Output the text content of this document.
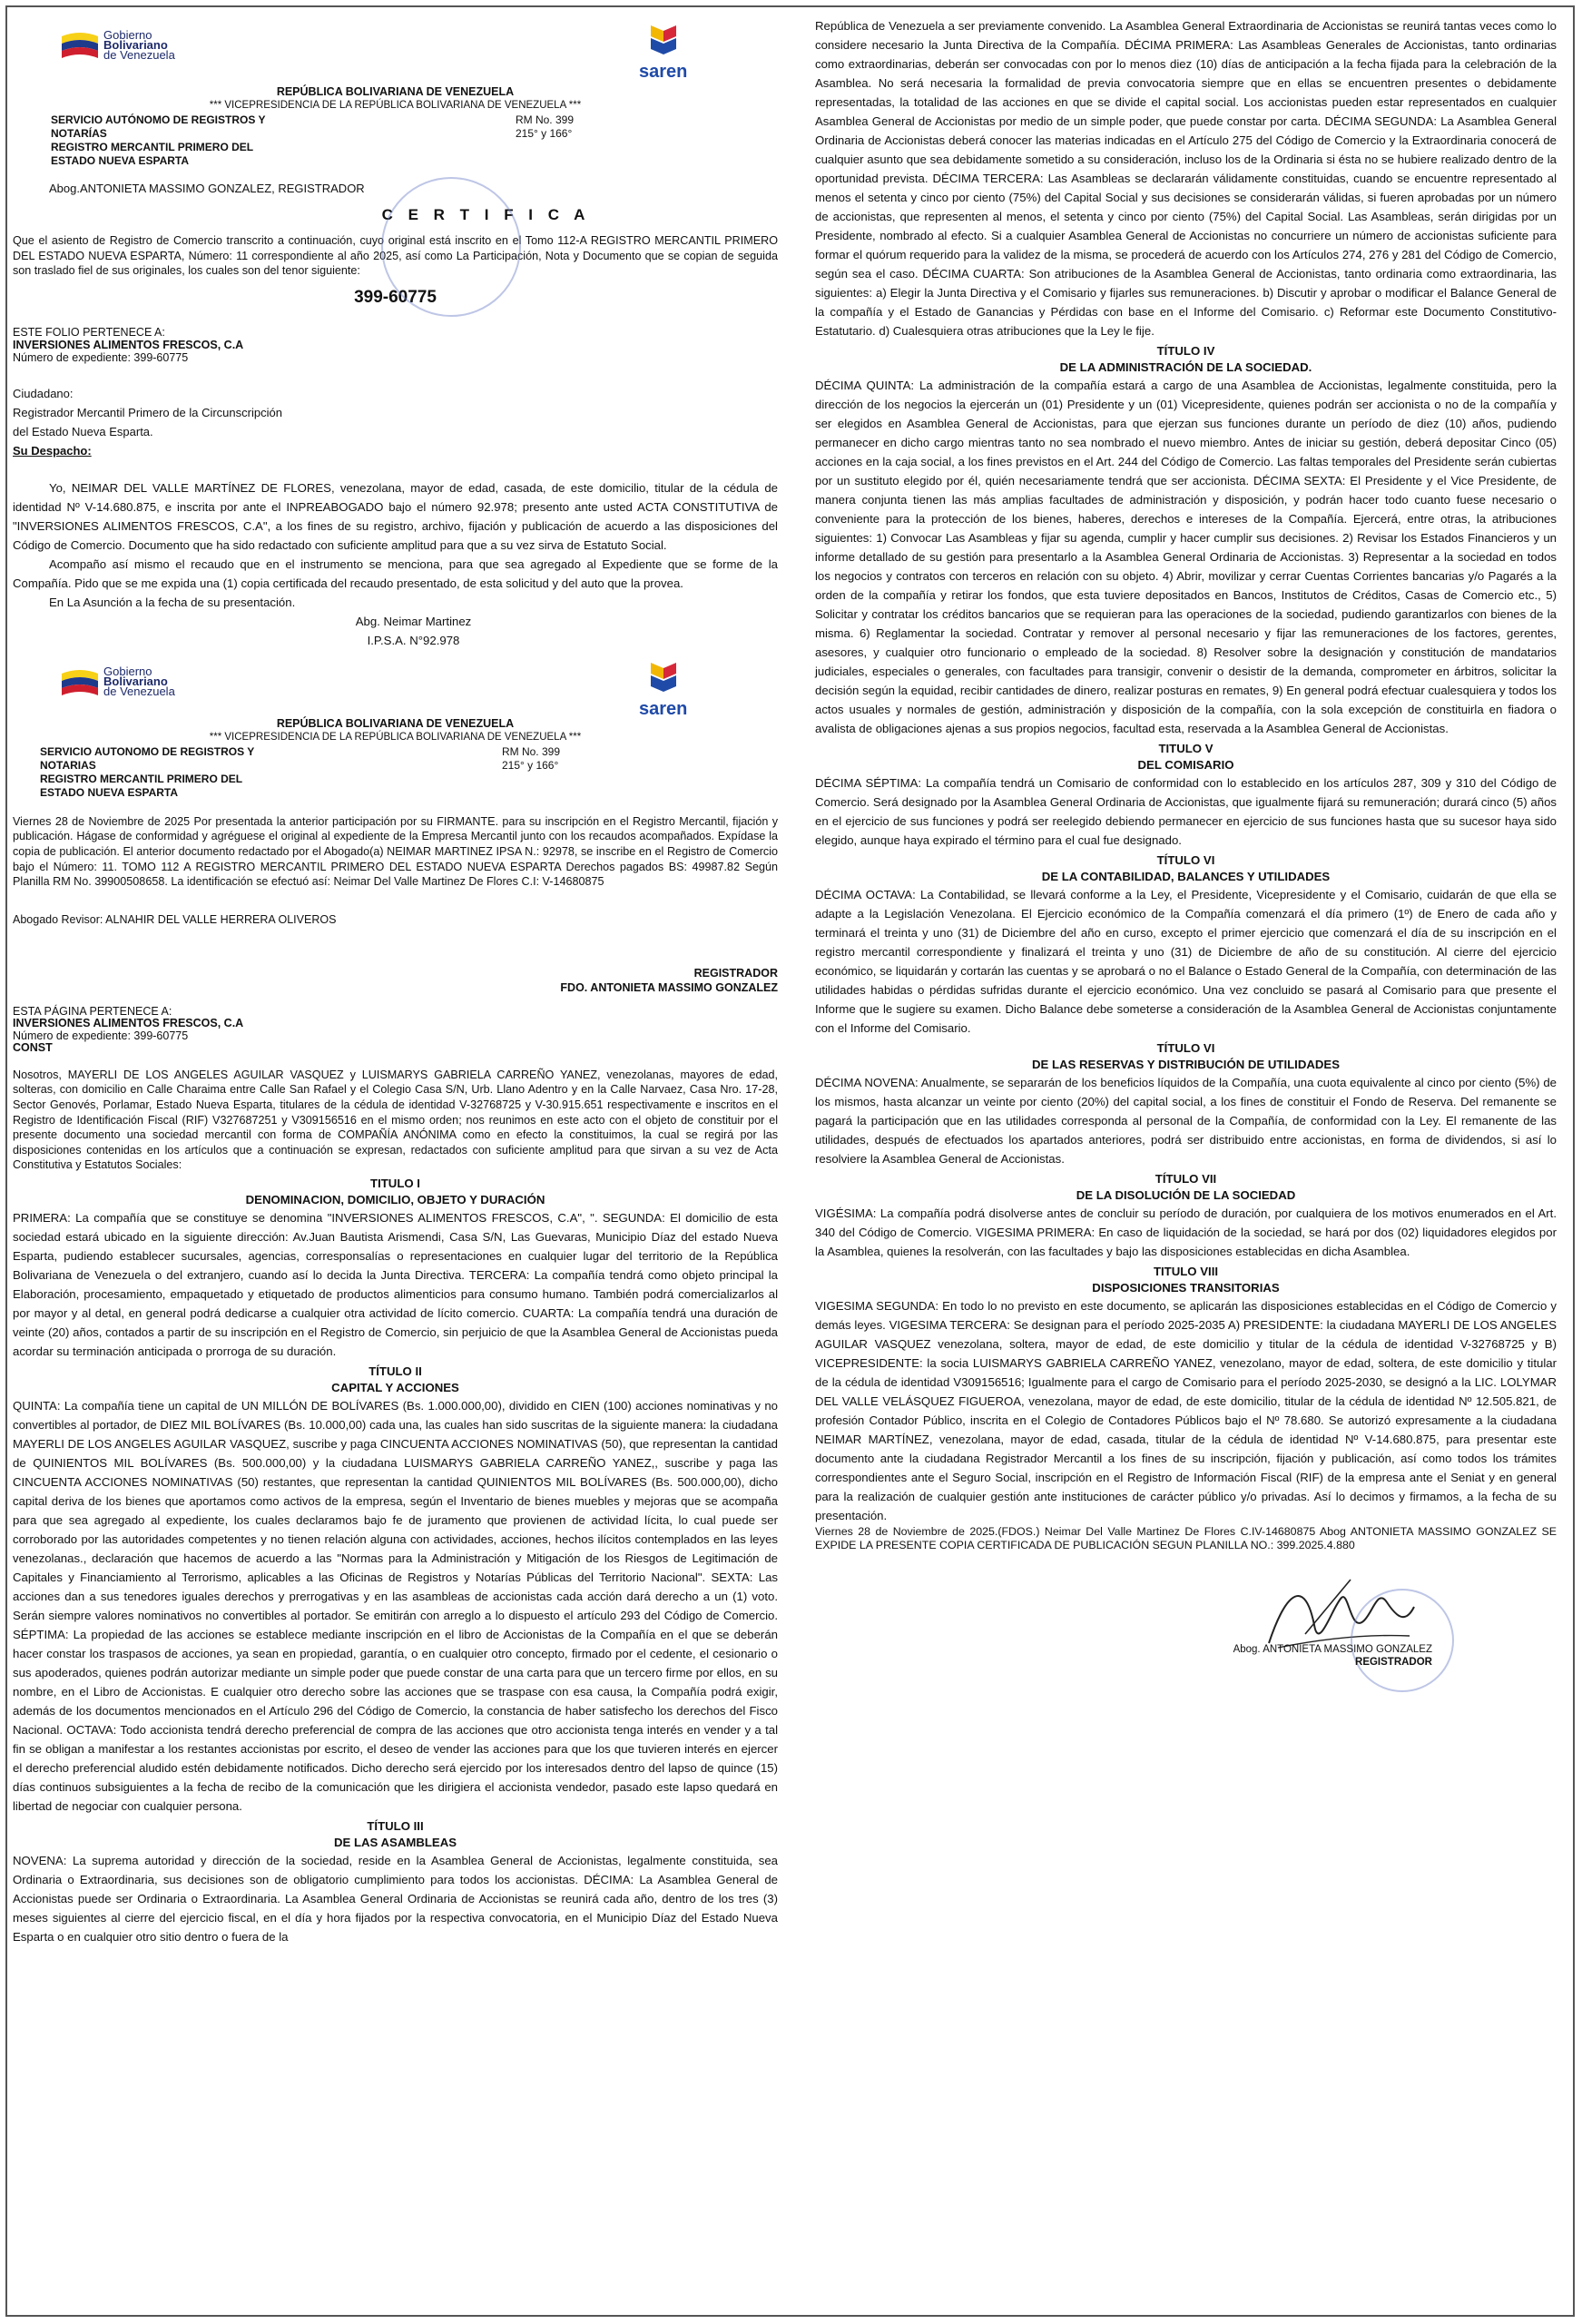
Gobierno
Bolivariano
de Venezuela
saren
REPÚBLICA BOLIVARIANA DE VENEZUELA
*** VICEPRESIDENCIA DE LA REPÚBLICA BOLIVARIANA DE VENEZUELA ***
SERVICIO AUTÓNOMO DE REGISTROS Y
NOTARÍAS
REGISTRO MERCANTIL PRIMERO DEL
ESTADO NUEVA ESPARTA
RM No. 399
215° y 166°
Abog.ANTONIETA MASSIMO GONZALEZ, REGISTRADOR
C E R T I F I C A

Que el asiento de Registro de Comercio transcrito a continuación, cuyo original está inscrito en el Tomo 112-A REGISTRO MERCANTIL PRIMERO DEL ESTADO NUEVA ESPARTA, Número: 11 correspondiente al año 2025, así como La Participación, Nota y Documento que se copian de seguida son traslado fiel de sus originales, los cuales son del tenor siguiente:

399-60775
ESTE FOLIO PERTENECE A:
INVERSIONES ALIMENTOS FRESCOS, C.A
Número de expediente: 399-60775
Ciudadano:
Registrador Mercantil Primero de la Circunscripción
del Estado Nueva Esparta.
Su Despacho:

Yo, NEIMAR DEL VALLE MARTÍNEZ DE FLORES, venezolana, mayor de edad, casada, de este domicilio, titular de la cédula de identidad Nº V-14.680.875, e inscrita por ante el INPREABOGADO bajo el número 92.978; presento ante usted ACTA CONSTITUTIVA de "INVERSIONES ALIMENTOS FRESCOS, C.A", a los fines de su registro, archivo, fijación y publicación de acuerdo a las disposiciones del Código de Comercio. Documento que ha sido redactado con suficiente amplitud para que a su vez sirva de Estatuto Social.

Acompaño así mismo el recaudo que en el instrumento se menciona, para que sea agregado al Expediente que se forme de la Compañía. Pido que se me expida una (1) copia certificada del recaudo presentado, de esta solicitud y del auto que la provea.

En La Asunción a la fecha de su presentación.

Abg. Neimar Martinez
I.P.S.A. N°92.978
Gobierno
Bolivariano
de Venezuela
saren
REPÚBLICA BOLIVARIANA DE VENEZUELA
*** VICEPRESIDENCIA DE LA REPÚBLICA BOLIVARIANA DE VENEZUELA ***
SERVICIO AUTONOMO DE REGISTROS Y
NOTARIAS
REGISTRO MERCANTIL PRIMERO DEL
ESTADO NUEVA ESPARTA
RM No. 399
215° y 166°

Viernes 28 de Noviembre de 2025 Por presentada la anterior participación por su FIRMANTE. para su inscripción en el Registro Mercantil, fijación y publicación. Hágase de conformidad y agréguese el original al expediente de la Empresa Mercantil junto con los recaudos acompañados. Expídase la copia de publicación. El anterior documento redactado por el Abogado(a) NEIMAR MARTINEZ IPSA N.: 92978, se inscribe en el Registro de Comercio bajo el Número: 11. TOMO 112 A REGISTRO MERCANTIL PRIMERO DEL ESTADO NUEVA ESPARTA Derechos pagados BS: 49987.82 Según Planilla RM No. 39900508658. La identificación se efectuó así: Neimar Del Valle Martinez De Flores C.I: V-14680875

Abogado Revisor: ALNAHIR DEL VALLE HERRERA OLIVEROS
REGISTRADOR
FDO. ANTONIETA MASSIMO GONZALEZ
ESTA PÁGINA PERTENECE A:
INVERSIONES ALIMENTOS FRESCOS, C.A
Número de expediente: 399-60775
CONST

Nosotros, MAYERLI DE LOS ANGELES AGUILAR VASQUEZ y LUISMARYS GABRIELA CARREÑO YANEZ, venezolanas, mayores de edad, solteras, con domicilio en Calle Charaima entre Calle San Rafael y el Colegio Casa S/N, Urb. Llano Adentro y en la Calle Narvaez, Casa Nro. 17-28, Sector Genovés, Porlamar, Estado Nueva Esparta, titulares de la cédula de identidad V-32768725 y V-30.915.651 respectivamente e inscritos en el Registro de Identificación Fiscal (RIF) V327687251 y V309156516 en el mismo orden; nos reunimos en este acto con el objeto de constituir por el presente documento una sociedad mercantil con forma de COMPAÑÍA ANÓNIMA como en efecto la constituimos, la cual se regirá por las disposiciones contenidas en los artículos que a continuación se expresan, redactados con suficiente amplitud para que sirvan a su vez de Acta Constitutiva y Estatutos Sociales:

TITULO I
DENOMINACION, DOMICILIO, OBJETO Y DURACIÓN

PRIMERA: La compañía que se constituye se denomina "INVERSIONES ALIMENTOS FRESCOS, C.A", ". SEGUNDA: El domicilio de esta sociedad estará ubicado en la siguiente dirección: Av.Juan Bautista Arismendi, Casa S/N, Las Guevaras, Municipio Díaz del estado Nueva Esparta, pudiendo establecer sucursales, agencias, corresponsalías o representaciones en cualquier lugar del territorio de la República Bolivariana de Venezuela o del extranjero, cuando así lo decida la Junta Directiva. TERCERA: La compañía tendrá como objeto principal la Elaboración, procesamiento, empaquetado y etiquetado de productos alimenticios para consumo humano. También podrá comercializarlos al por mayor y al detal, en general podrá dedicarse a cualquier otra actividad de lícito comercio. CUARTA: La compañía tendrá una duración de veinte (20) años, contados a partir de su inscripción en el Registro de Comercio, sin perjuicio de que la Asamblea General de Accionistas pueda acordar su terminación anticipada o prorroga de su duración.

TÍTULO II
CAPITAL Y ACCIONES

QUINTA: La compañía tiene un capital de UN MILLÓN DE BOLÍVARES (Bs. 1.000.000,00), dividido en CIEN (100) acciones nominativas y no convertibles al portador, de DIEZ MIL BOLÍVARES (Bs. 10.000,00) cada una, las cuales han sido suscritas de la siguiente manera: la ciudadana MAYERLI DE LOS ANGELES AGUILAR VASQUEZ, suscribe y paga CINCUENTA ACCIONES NOMINATIVAS (50), que representan la cantidad de QUINIENTOS MIL BOLÍVARES (Bs. 500.000,00) y la ciudadana LUISMARYS GABRIELA CARREÑO YANEZ,, suscribe y paga las CINCUENTA ACCIONES NOMINATIVAS (50) restantes, que representan la cantidad QUINIENTOS MIL BOLÍVARES (Bs. 500.000,00), dicho capital deriva de los bienes que aportamos como activos de la empresa, según el Inventario de bienes muebles y mejoras que se acompaña para que sea agregado al expediente, los cuales declaramos bajo fe de juramento que provienen de actividad lícita, lo cual puede ser corroborado por las autoridades competentes y no tienen relación alguna con actividades, acciones, hechos ilícitos contemplados en las leyes venezolanas., declaración que hacemos de acuerdo a las "Normas para la Administración y Mitigación de los Riesgos de Legitimación de Capitales y Financiamiento al Terrorismo, aplicables a las Oficinas de Registros y Notarías Públicas del Territorio Nacional". SEXTA: Las acciones dan a sus tenedores iguales derechos y prerrogativas y en las asambleas de accionistas cada acción dará derecho a un (1) voto. Serán siempre valores nominativos no convertibles al portador. Se emitirán con arreglo a lo dispuesto el artículo 293 del Código de Comercio. SÉPTIMA: La propiedad de las acciones se establece mediante inscripción en el libro de Accionistas de la Compañía en el que se deberán hacer constar los traspasos de acciones, ya sean en propiedad, garantía, o en cualquier otro concepto, firmado por el cedente, el cesionario o sus apoderados, quienes podrán autorizar mediante un simple poder que puede constar de una carta para que un tercero firme por ellos, en su nombre, en el Libro de Accionistas. E cualquier otro derecho sobre las acciones que se traspase con esa causa, la Compañía podrá exigir, además de los documentos mencionados en el Artículo 296 del Código de Comercio, la constancia de haber satisfecho los derechos del Fisco Nacional. OCTAVA: Todo accionista tendrá derecho preferencial de compra de las acciones que otro accionista tenga interés en vender y a tal fin se obligan a manifestar a los restantes accionistas por escrito, el deseo de vender las acciones para que los que tuvieren interés en ejercer el derecho preferencial aludido estén debidamente notificados. Dicho derecho será ejercido por los interesados dentro del lapso de quince (15) días continuos subsiguientes a la fecha de recibo de la comunicación que les dirigiera el accionista vendedor, pasado este lapso quedará en libertad de negociar con cualquier persona.

TÍTULO III
DE LAS ASAMBLEAS

NOVENA: La suprema autoridad y dirección de la sociedad, reside en la Asamblea General de Accionistas, legalmente constituida, sea Ordinaria o Extraordinaria, sus decisiones son de obligatorio cumplimiento para todos los accionistas. DÉCIMA: La Asamblea General de Accionistas puede ser Ordinaria o Extraordinaria. La Asamblea General Ordinaria de Accionistas se reunirá cada año, dentro de los tres (3) meses siguientes al cierre del ejercicio fiscal, en el día y hora fijados por la respectiva convocatoria, en el Municipio Díaz del Estado Nueva Esparta o en cualquier otro sitio dentro o fuera de la

República de Venezuela a ser previamente convenido. La Asamblea General Extraordinaria de Accionistas se reunirá tantas veces como lo considere necesario la Junta Directiva de la Compañía. DÉCIMA PRIMERA: Las Asambleas Generales de Accionistas, tanto ordinarias como extraordinarias, deberán ser convocadas con por lo menos diez (10) días de anticipación a la fecha fijada para la celebración de la Asamblea. No será necesaria la formalidad de previa convocatoria siempre que en ellas se encuentren presentes o debidamente representadas, la totalidad de las acciones en que se divide el capital social. Los accionistas pueden estar representados en cualquier Asamblea General de Accionistas por medio de un simple poder, que puede constar por carta. DÉCIMA SEGUNDA: La Asamblea General Ordinaria de Accionistas deberá conocer las materias indicadas en el Artículo 275 del Código de Comercio y la Extraordinaria conocerá de cualquier asunto que sea debidamente sometido a su consideración, incluso los de la Ordinaria si ésta no se hubiere realizado dentro de la oportunidad prevista. DÉCIMA TERCERA: Las Asambleas se declararán válidamente constituidas, cuando se encuentre representado al menos el setenta y cinco por ciento (75%) del Capital Social y sus decisiones se considerarán válidas, si fueren aprobadas por un número de accionistas, que representen al menos, el setenta y cinco por ciento (75%) del Capital Social. Las Asambleas, serán dirigidas por un Presidente, nombrado al efecto. Si a cualquier Asamblea General de Accionistas no concurriere un número de accionistas suficiente para formar el quórum requerido para la validez de la misma, se procederá de acuerdo con los Artículos 274, 276 y 281 del Código de Comercio, según sea el caso. DÉCIMA CUARTA: Son atribuciones de la Asamblea General de Accionistas, tanto ordinaria como extraordinaria, las siguientes: a) Elegir la Junta Directiva y el Comisario y fijarles sus remuneraciones. b) Discutir y aprobar o modificar el Balance General de la compañía y el Estado de Ganancias y Pérdidas con base en el Informe del Comisario. c) Reformar este Documento Constitutivo-Estatutario. d) Cualesquiera otras atribuciones que la Ley le fije.

TÍTULO IV
DE LA ADMINISTRACIÓN DE LA SOCIEDAD.

DÉCIMA QUINTA: La administración de la compañía estará a cargo de una Asamblea de Accionistas, legalmente constituida, pero la dirección de los negocios la ejercerán un (01) Presidente y un (01) Vicepresidente, quienes podrán ser accionista o no de la compañía y ser elegidos en Asamblea General de Accionistas, para que ejerzan sus funciones durante un período de diez (10) años, pudiendo permanecer en dicho cargo mientras tanto no sea nombrado el nuevo miembro. Antes de iniciar su gestión, deberá depositar Cinco (05) acciones en la caja social, a los fines previstos en el Art. 244 del Código de Comercio. Las faltas temporales del Presidente serán cubiertas por un sustituto elegido por él, quién necesariamente tendrá que ser accionista. DÉCIMA SEXTA: El Presidente y el Vice Presidente, de manera conjunta tienen las más amplias facultades de administración y disposición, y podrán hacer todo cuanto fuese necesario o conveniente para la protección de los bienes, haberes, derechos e intereses de la Compañía. Ejercerá, entre otras, la atribuciones siguientes: 1) Convocar Las Asambleas y fijar su agenda, cumplir y hacer cumplir sus decisiones. 2) Revisar los Estados Financieros y un informe detallado de su gestión para presentarlo a la Asamblea General Ordinaria de Accionistas. 3) Representar a la sociedad en todos los negocios y contratos con terceros en relación con su objeto. 4) Abrir, movilizar y cerrar Cuentas Corrientes bancarias y/o Pagarés a la orden de la compañía y retirar los fondos, que esta tuviere depositados en Bancos, Institutos de Créditos, Casas de Comercio etc., 5) Solicitar y contratar los créditos bancarios que se requieran para las operaciones de la sociedad, pudiendo garantizarlos con bienes de la misma. 6) Reglamentar la sociedad. Contratar y remover al personal necesario y fijar las remuneraciones de los factores, gerentes, asesores, y cualquier otro funcionario o empleado de la sociedad. 8) Resolver sobre la designación y constitución de mandatarios judiciales, especiales o generales, con facultades para transigir, convenir o desistir de la demanda, comprometer en árbitros, solicitar la decisión según la equidad, recibir cantidades de dinero, realizar posturas en remates, 9) En general podrá efectuar cualesquiera y todos los actos usuales y normales de gestión, administración y disposición de la compañía, con la sola excepción de constituirla en fiadora o avalista de obligaciones ajenas a sus propios negocios, facultad esta, reservada a la Asamblea General de Accionistas.

TITULO V
DEL COMISARIO

DÉCIMA SÉPTIMA: La compañía tendrá un Comisario de conformidad con lo establecido en los artículos 287, 309 y 310 del Código de Comercio. Será designado por la Asamblea General Ordinaria de Accionistas, que igualmente fijará su remuneración; durará cinco (5) años en el ejercicio de sus funciones y podrá ser reelegido debiendo permanecer en ejercicio de sus funciones hasta que su sucesor haya sido elegido, aunque haya expirado el término para el cual fue designado.

TÍTULO VI
DE LA CONTABILIDAD, BALANCES Y UTILIDADES

DÉCIMA OCTAVA: La Contabilidad, se llevará conforme a la Ley, el Presidente, Vicepresidente y el Comisario, cuidarán de que ella se adapte a la Legislación Venezolana. El Ejercicio económico de la Compañía comenzará el día primero (1º) de Enero de cada año y terminará el treinta y uno (31) de Diciembre del año en curso, excepto el primer ejercicio que comenzará el día de su inscripción en el registro mercantil correspondiente y finalizará el treinta y uno (31) de Diciembre de año de su constitución. Al cierre del ejercicio económico, se liquidarán y cortarán las cuentas y se aprobará o no el Balance o Estado General de la Compañía, con determinación de las utilidades habidas o pérdidas sufridas durante el ejercicio económico. Una vez concluido se pasará al Comisario para que presente el Informe que le sugiere su examen. Dicho Balance debe someterse a consideración de la Asamblea General de Accionistas conjuntamente con el Informe del Comisario.

TÍTULO VI
DE LAS RESERVAS Y DISTRIBUCIÓN DE UTILIDADES

DÉCIMA NOVENA: Anualmente, se separarán de los beneficios líquidos de la Compañía, una cuota equivalente al cinco por ciento (5%) de los mismos, hasta alcanzar un veinte por ciento (20%) del capital social, a los fines de constituir el Fondo de Reserva. Del remanente se pagará la participación que en las utilidades corresponda al personal de la Compañía, de conformidad con la Ley. El remanente de las utilidades, después de efectuados los apartados anteriores, podrá ser distribuido entre accionistas, en forma de dividendos, si así lo resolviere la Asamblea General de Accionistas.

TÍTULO VII
DE LA DISOLUCIÓN DE LA SOCIEDAD

VIGÉSIMA: La compañía podrá disolverse antes de concluir su período de duración, por cualquiera de los motivos enumerados en el Art. 340 del Código de Comercio. VIGESIMA PRIMERA: En caso de liquidación de la sociedad, se hará por dos (02) liquidadores elegidos por la Asamblea, quienes la resolverán, con las facultades y bajo las disposiciones establecidas en dicha Asamblea.

TITULO VIII
DISPOSICIONES TRANSITORIAS

VIGESIMA SEGUNDA: En todo lo no previsto en este documento, se aplicarán las disposiciones establecidas en el Código de Comercio y demás leyes. VIGESIMA TERCERA: Se designan para el período 2025-2035 A) PRESIDENTE: la ciudadana MAYERLI DE LOS ANGELES AGUILAR VASQUEZ venezolana, soltera, mayor de edad, de este domicilio y titular de la cédula de identidad V-32768725 y B) VICEPRESIDENTE: la socia LUISMARYS GABRIELA CARREÑO YANEZ, venezolano, mayor de edad, soltera, de este domicilio y titular de la cédula de identidad V309156516; Igualmente para el cargo de Comisario para el período 2025-2030, se designó a la LIC. LOLYMAR DEL VALLE VELÁSQUEZ FIGUEROA, venezolana, mayor de edad, de este domicilio, titular de la cédula de identidad Nº 12.505.821, de profesión Contador Público, inscrita en el Colegio de Contadores Públicos bajo el Nº 78.680. Se autorizó expresamente a la ciudadana NEIMAR MARTÍNEZ, venezolana, mayor de edad, casada, titular de la cédula de identidad Nº V-14.680.875, para presentar este documento ante la ciudadana Registrador Mercantil a los fines de su inscripción, fijación y publicación, así como todos los trámites correspondientes ante el Seguro Social, inscripción en el Registro de Información Fiscal (RIF) de la empresa ante el Seniat y en general para la realización de cualquier gestión ante instituciones de carácter público y/o privadas. Así lo decimos y firmamos, a la fecha de su presentación.

Viernes 28 de Noviembre de 2025.(FDOS.) Neimar Del Valle Martinez De Flores C.IV-14680875 Abog ANTONIETA MASSIMO GONZALEZ SE EXPIDE LA PRESENTE COPIA CERTIFICADA DE PUBLICACIÓN SEGUN PLANILLA NO.: 399.2025.4.880

Abog. ANTONIETA MASSIMO GONZALEZ
REGISTRADOR
